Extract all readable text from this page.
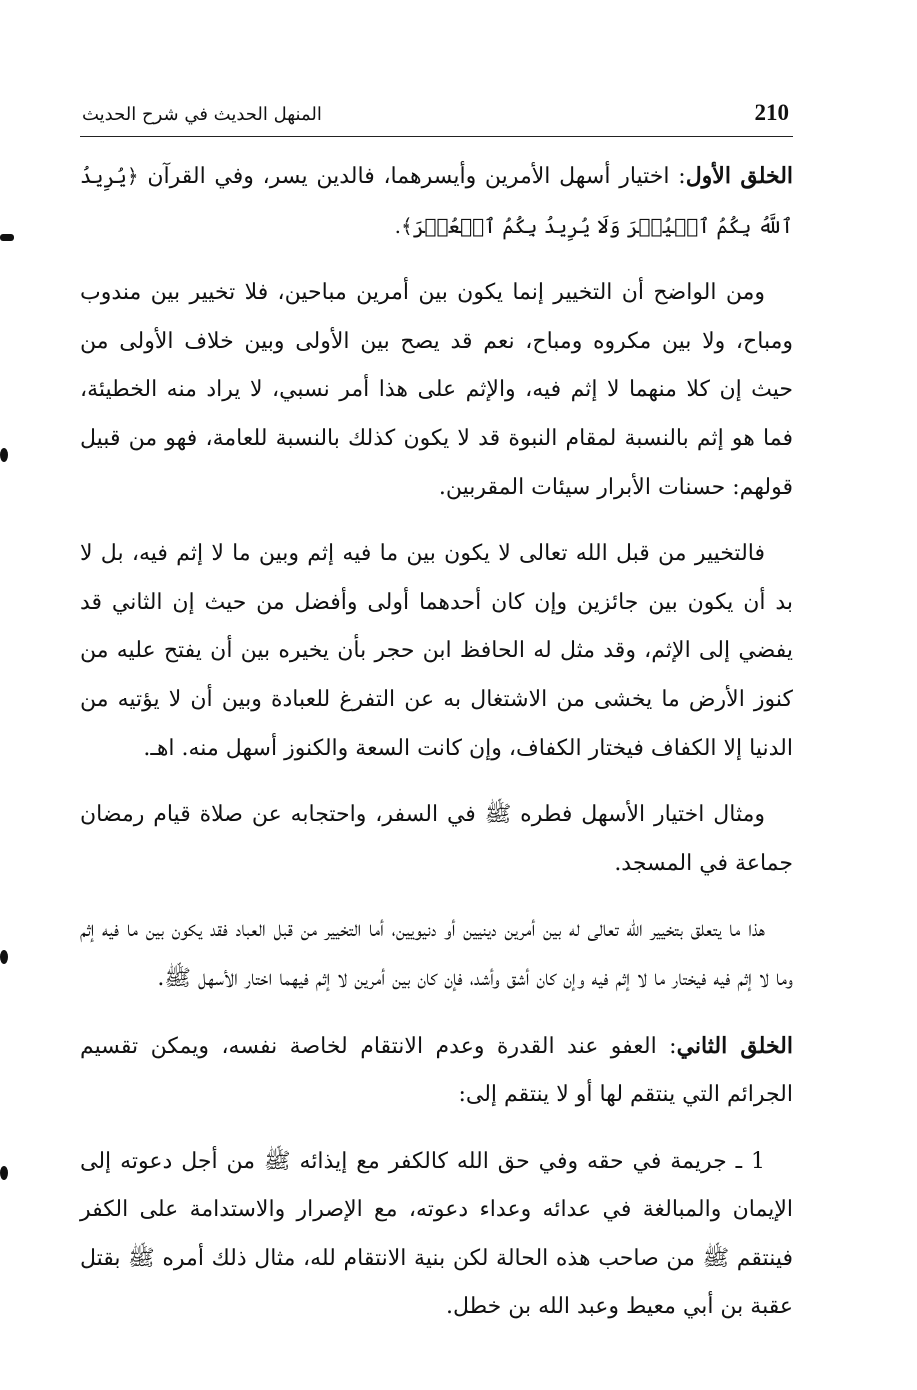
210
المنهل الحديث في شرح الحديث

الخلق الأول: اختيار أسهل الأمرين وأيسرهما، فالدين يسر، وفي القرآن ﴿يُرِيدُ ٱللَّهُ بِكُمُ ٱلۡيُسۡرَ وَلَا يُرِيدُ بِكُمُ ٱلۡعُسۡرَ﴾.

ومن الواضح أن التخيير إنما يكون بين أمرين مباحين، فلا تخيير بين مندوب ومباح، ولا بين مكروه ومباح، نعم قد يصح بين الأولى وبين خلاف الأولى من حيث إن كلا منهما لا إثم فيه، والإثم على هذا أمر نسبي، لا يراد منه الخطيئة، فما هو إثم بالنسبة لمقام النبوة قد لا يكون كذلك بالنسبة للعامة، فهو من قبيل قولهم: حسنات الأبرار سيئات المقربين.

فالتخيير من قبل الله تعالى لا يكون بين ما فيه إثم وبين ما لا إثم فيه، بل لا بد أن يكون بين جائزين وإن كان أحدهما أولى وأفضل من حيث إن الثاني قد يفضي إلى الإثم، وقد مثل له الحافظ ابن حجر بأن يخيره بين أن يفتح عليه من كنوز الأرض ما يخشى من الاشتغال به عن التفرغ للعبادة وبين أن لا يؤتيه من الدنيا إلا الكفاف فيختار الكفاف، وإن كانت السعة والكنوز أسهل منه. اهـ.

ومثال اختيار الأسهل فطره ﷺ في السفر، واحتجابه عن صلاة قيام رمضان جماعة في المسجد.

هذا ما يتعلق بتخيير الله تعالى له بين أمرين دينيين أو دنيويين، أما التخيير من قبل العباد فقد يكون بين ما فيه إثم وما لا إثم فيه فيختار ما لا إثم فيه وإن كان أشق وأشد، فإن كان بين أمرين لا إثم فيهما اختار الأسهل ﷺ.

الخلق الثاني: العفو عند القدرة وعدم الانتقام لخاصة نفسه، ويمكن تقسيم الجرائم التي ينتقم لها أو لا ينتقم إلى:

1 ـ جريمة في حقه وفي حق الله كالكفر مع إيذائه ﷺ من أجل دعوته إلى الإيمان والمبالغة في عدائه وعداء دعوته، مع الإصرار والاستدامة على الكفر فينتقم ﷺ من صاحب هذه الحالة لكن بنية الانتقام لله، مثال ذلك أمره ﷺ بقتل عقبة بن أبي معيط وعبد الله بن خطل.
